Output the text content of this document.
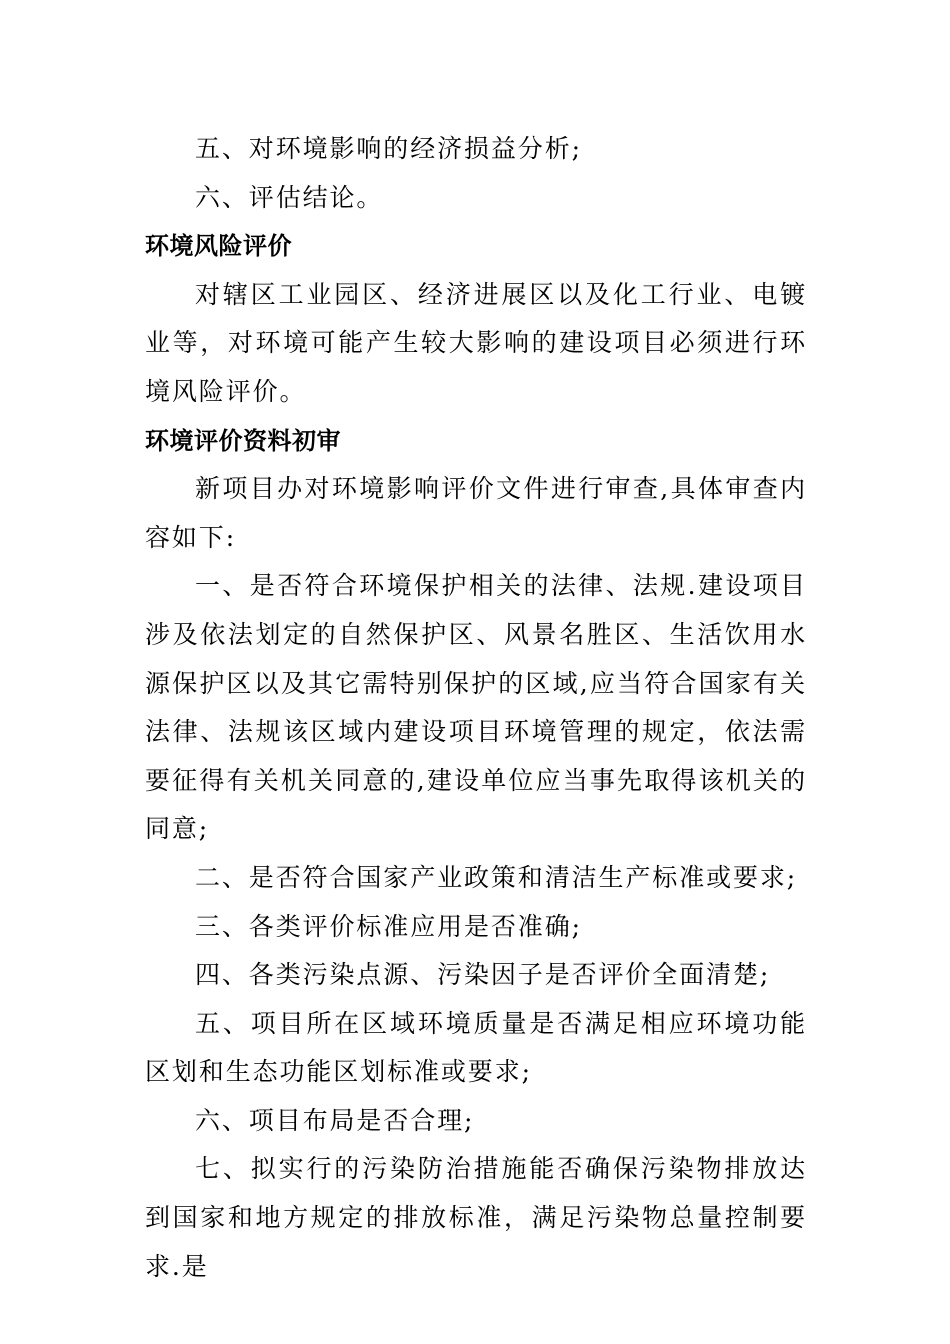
五、对环境影响的经济损益分析;

六、评估结论。

环境风险评价

对辖区工业园区、经济进展区以及化工行业、电镀业等，对环境可能产生较大影响的建设项目必须进行环境风险评价。

环境评价资料初审

新项目办对环境影响评价文件进行审查,具体审查内容如下:

一、是否符合环境保护相关的法律、法规.建设项目涉及依法划定的自然保护区、风景名胜区、生活饮用水源保护区以及其它需特别保护的区域,应当符合国家有关法律、法规该区域内建设项目环境管理的规定，依法需要征得有关机关同意的,建设单位应当事先取得该机关的同意;

二、是否符合国家产业政策和清洁生产标准或要求;

三、各类评价标准应用是否准确;

四、各类污染点源、污染因子是否评价全面清楚;

五、项目所在区域环境质量是否满足相应环境功能区划和生态功能区划标准或要求;

六、项目布局是否合理;

七、拟实行的污染防治措施能否确保污染物排放达到国家和地方规定的排放标准，满足污染物总量控制要求.是
